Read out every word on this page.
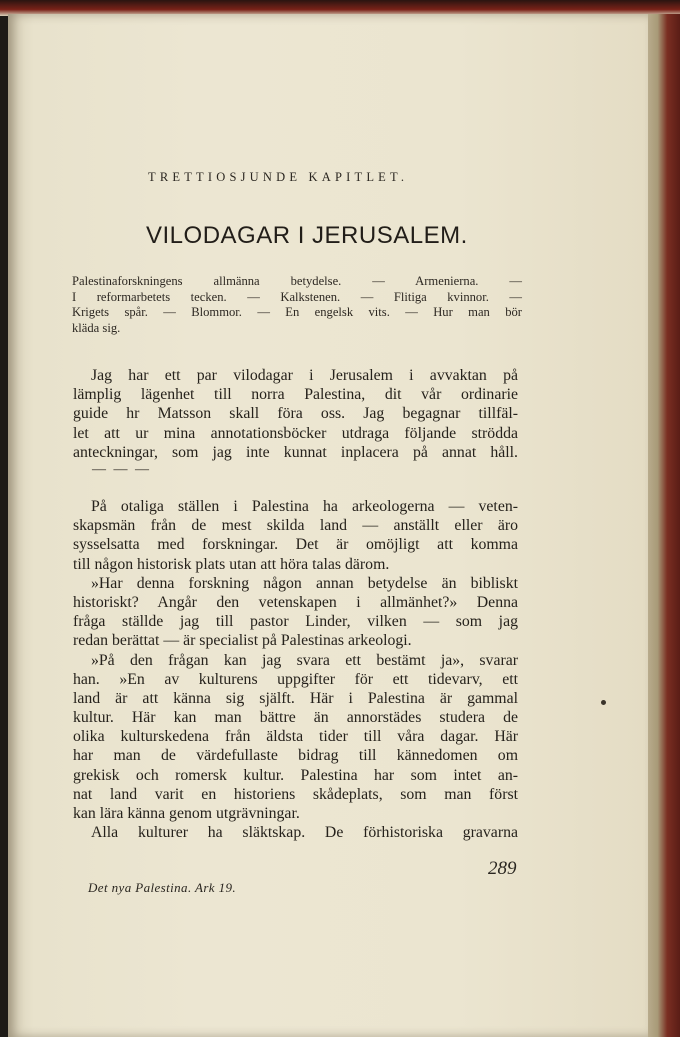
TRETTIOSJUNDE KAPITLET.
VILODAGAR I JERUSALEM.
Palestinaforskningens allmänna betydelse. — Armenierna. —
I reformarbetets tecken. — Kalkstenen. — Flitiga kvinnor. —
Krigets spår. — Blommor. — En engelsk vits. — Hur man bör
kläda sig.
Jag har ett par vilodagar i Jerusalem i avvaktan på
lämplig lägenhet till norra Palestina, dit vår ordinarie
guide hr Matsson skall föra oss. Jag begagnar tillfäl-
let att ur mina annotationsböcker utdraga följande strödda
anteckningar, som jag inte kunnat inplacera på annat håll.
— — —
På otaliga ställen i Palestina ha arkeologerna — veten-
skapsmän från de mest skilda land — anställt eller äro
sysselsatta med forskningar. Det är omöjligt att komma
till någon historisk plats utan att höra talas därom.
»Har denna forskning någon annan betydelse än bibliskt
historiskt? Angår den vetenskapen i allmänhet?» Denna
fråga ställde jag till pastor Linder, vilken — som jag
redan berättat — är specialist på Palestinas arkeologi.
»På den frågan kan jag svara ett bestämt ja», svarar
han. »En av kulturens uppgifter för ett tidevarv, ett
land är att känna sig själft. Här i Palestina är gammal
kultur. Här kan man bättre än annorstädes studera de
olika kulturskedena från äldsta tider till våra dagar. Här
har man de värdefullaste bidrag till kännedomen om
grekisk och romersk kultur. Palestina har som intet an-
nat land varit en historiens skådeplats, som man först
kan lära känna genom utgrävningar.
Alla kulturer ha släktskap. De förhistoriska gravarna
289
Det nya Palestina. Ark 19.
